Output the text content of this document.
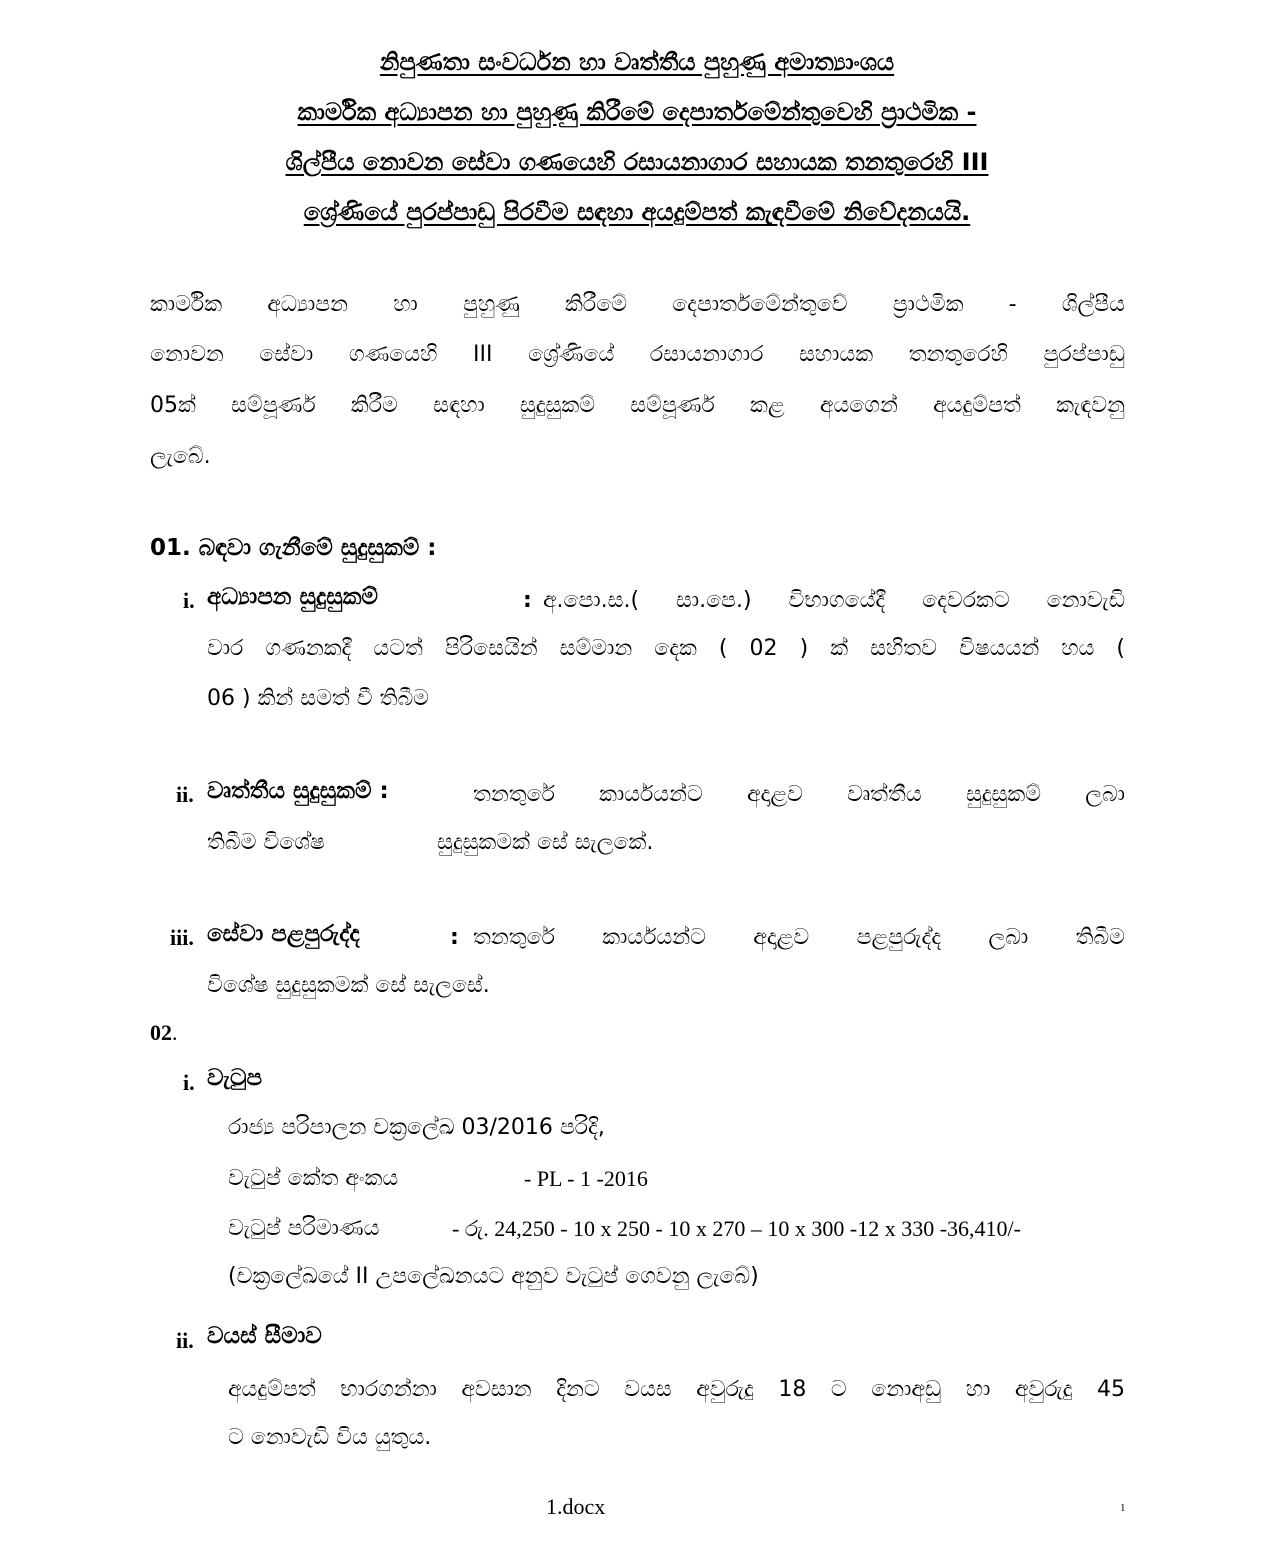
නිපුණතා සංවර්ධන හා වෘත්තීය පුහුණු අමාත්‍යාංශය
කාර්මික අධ්‍යාපන හා පුහුණු කිරීමේ දෙපාර්තමේන්තුවෙහි ප්‍රාථමික -
ශිල්පීය නොවන සේවා ගණයෙහි රසායනාගාර සහායක තනතුරෙහි III
ශ්‍රේණියේ පුරප්පාඩු පිරවීම සඳහා අයදුම්පත් කැඳවීමේ නිවේදනයයි.
කාර්මික අධ්‍යාපන හා පුහුණු කිරීමේ දෙපාර්තමේන්තුවේ ප්‍රාථමික - ශිල්පීය
නොවන සේවා ගණයෙහි III ශ්‍රේණියේ රසායනාගාර සහායක තනතුරෙහි පුරප්පාඩු
05ක් සම්පූර්ණ කිරීම සඳහා සුදුසුකම් සම්පූර්ණ කළ අයගෙන් අයදුම්පත් කැඳවනු
ලැබේ.
01. බඳවා ගැනීමේ සුදුසුකම් :
i. අධ්‍යාපන සුදුසුකම්	: අ.පො.ස.( සා.පෙ.) විභාගයේදී දෙවරකට නොවැඩි
වාර ගණනකදී යටත් පිරිසෙයින් සම්මාන දෙක ( 02 ) ක් සහිතව විෂයයන් හය (
06 ) කින් සමත් වී තිබීම
ii. වෘත්තීය සුදුසුකම් :	තනතුරේ කාර්යයන්ට අදාළව වෘත්තීය සුදුසුකම් ලබා
තිබීම විශේෂ	සුදුසුකමක් සේ සැලකේ.
iii. සේවා පළපුරුද්ද	: තනතුරේ කාර්යයන්ට අදාළව පළපුරුද්ද ලබා තිබීම
විශේෂ සුදුසුකමක් සේ සැලසේ.
02.
i. වැටුප
රාජ්‍ය පරිපාලන චක්‍රලේඛ 03/2016 පරිදි,
වැටුප් කේත අංකය	- PL - 1 -2016
වැටුප් පරිමාණය	- රු. 24,250 - 10 x 250 - 10 x 270 – 10 x 300 -12 x 330 -36,410/-
(චක්‍රලේඛයේ II උපලේඛනයට අනුව වැටුප් ගෙවනු ලැබේ)
ii. වයස් සීමාව
අයදුම්පත් භාරගන්නා අවසාන දිනට වයස අවුරුදු 18 ට නොඅඩු හා අවුරුදු 45
ට නොවැඩි විය යුතුය.
1.docx	1
